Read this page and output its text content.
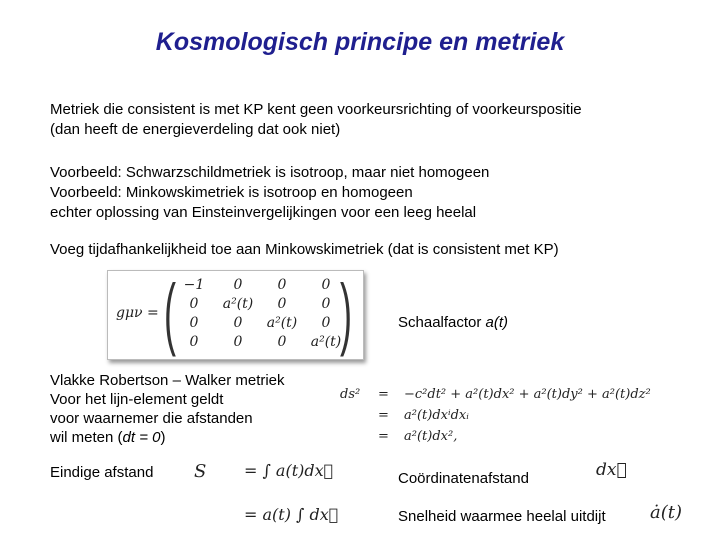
Kosmologisch principe en metriek
Metriek die consistent is met KP kent geen voorkeursrichting of voorkeurspositie
(dan heeft de energieverdeling dat ook niet)
Voorbeeld: Schwarzschildmetriek is isotroop, maar niet homogeen
Voorbeeld: Minkowskimetriek is isotroop en homogeen
echter oplossing van Einsteinvergelijkingen voor een leeg heelal
Voeg tijdafhankelijkheid toe aan Minkowskimetriek (dat is consistent met KP)
gμν = ( )
−1	0	0	0
0	a²(t)	0	0
0	0	a²(t)	0
0	0	0	a²(t)
Schaalfactor a(t)
Vlakke Robertson – Walker metriek
Voor het lijn-element geldt
voor waarnemer die afstanden
wil meten (dt = 0)
ds² = −c²dt² + a²(t)dx² + a²(t)dy² + a²(t)dz²
= a²(t)dxⁱdxᵢ
= a²(t)dx²,
Eindige afstand S = ∫ a(t)dx⃗
= a(t) ∫ dx⃗
Coördinatenafstand	dx⃗
Snelheid waarmee heelal uitdijt ȧ(t)
